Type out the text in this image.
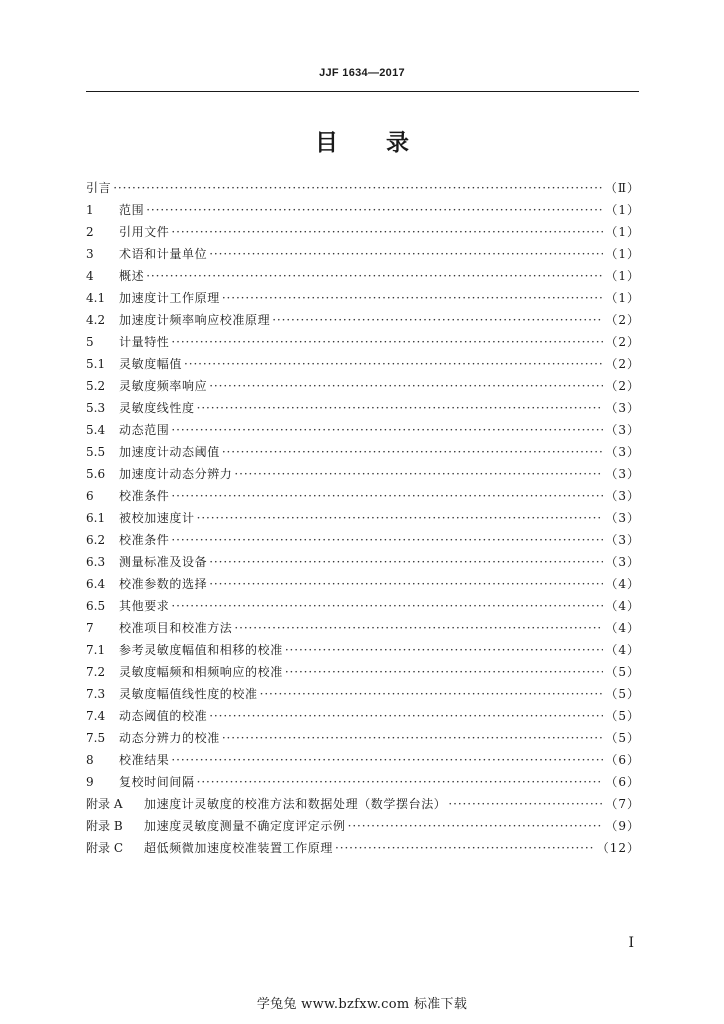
JJF 1634—2017
目 录
引言 ·····	（Ⅱ）
1	范围 ·····	（1）
2	引用文件 ·····	（1）
3	术语和计量单位 ·····	（1）
4	概述 ·····	（1）
4.1	加速度计工作原理 ·····	（1）
4.2	加速度计频率响应校准原理 ·····	（2）
5	计量特性 ·····	（2）
5.1	灵敏度幅值 ·····	（2）
5.2	灵敏度频率响应 ·····	（2）
5.3	灵敏度线性度 ·····	（3）
5.4	动态范围 ·····	（3）
5.5	加速度计动态阈值 ·····	（3）
5.6	加速度计动态分辨力 ·····	（3）
6	校准条件 ·····	（3）
6.1	被校加速度计 ·····	（3）
6.2	校准条件 ·····	（3）
6.3	测量标准及设备 ·····	（3）
6.4	校准参数的选择 ·····	（4）
6.5	其他要求 ·····	（4）
7	校准项目和校准方法 ·····	（4）
7.1	参考灵敏度幅值和相移的校准 ·····	（4）
7.2	灵敏度幅频和相频响应的校准 ·····	（5）
7.3	灵敏度幅值线性度的校准 ·····	（5）
7.4	动态阈值的校准 ·····	（5）
7.5	动态分辨力的校准 ·····	（5）
8	校准结果 ·····	（6）
9	复校时间间隔 ·····	（6）
附录 A	加速度计灵敏度的校准方法和数据处理（数学摆台法） ·····	（7）
附录 B	加速度灵敏度测量不确定度评定示例 ·····	（9）
附录 C	超低频微加速度校准装置工作原理 ·····	（12）
I
学兔兔 www.bzfxw.com 标准下载
